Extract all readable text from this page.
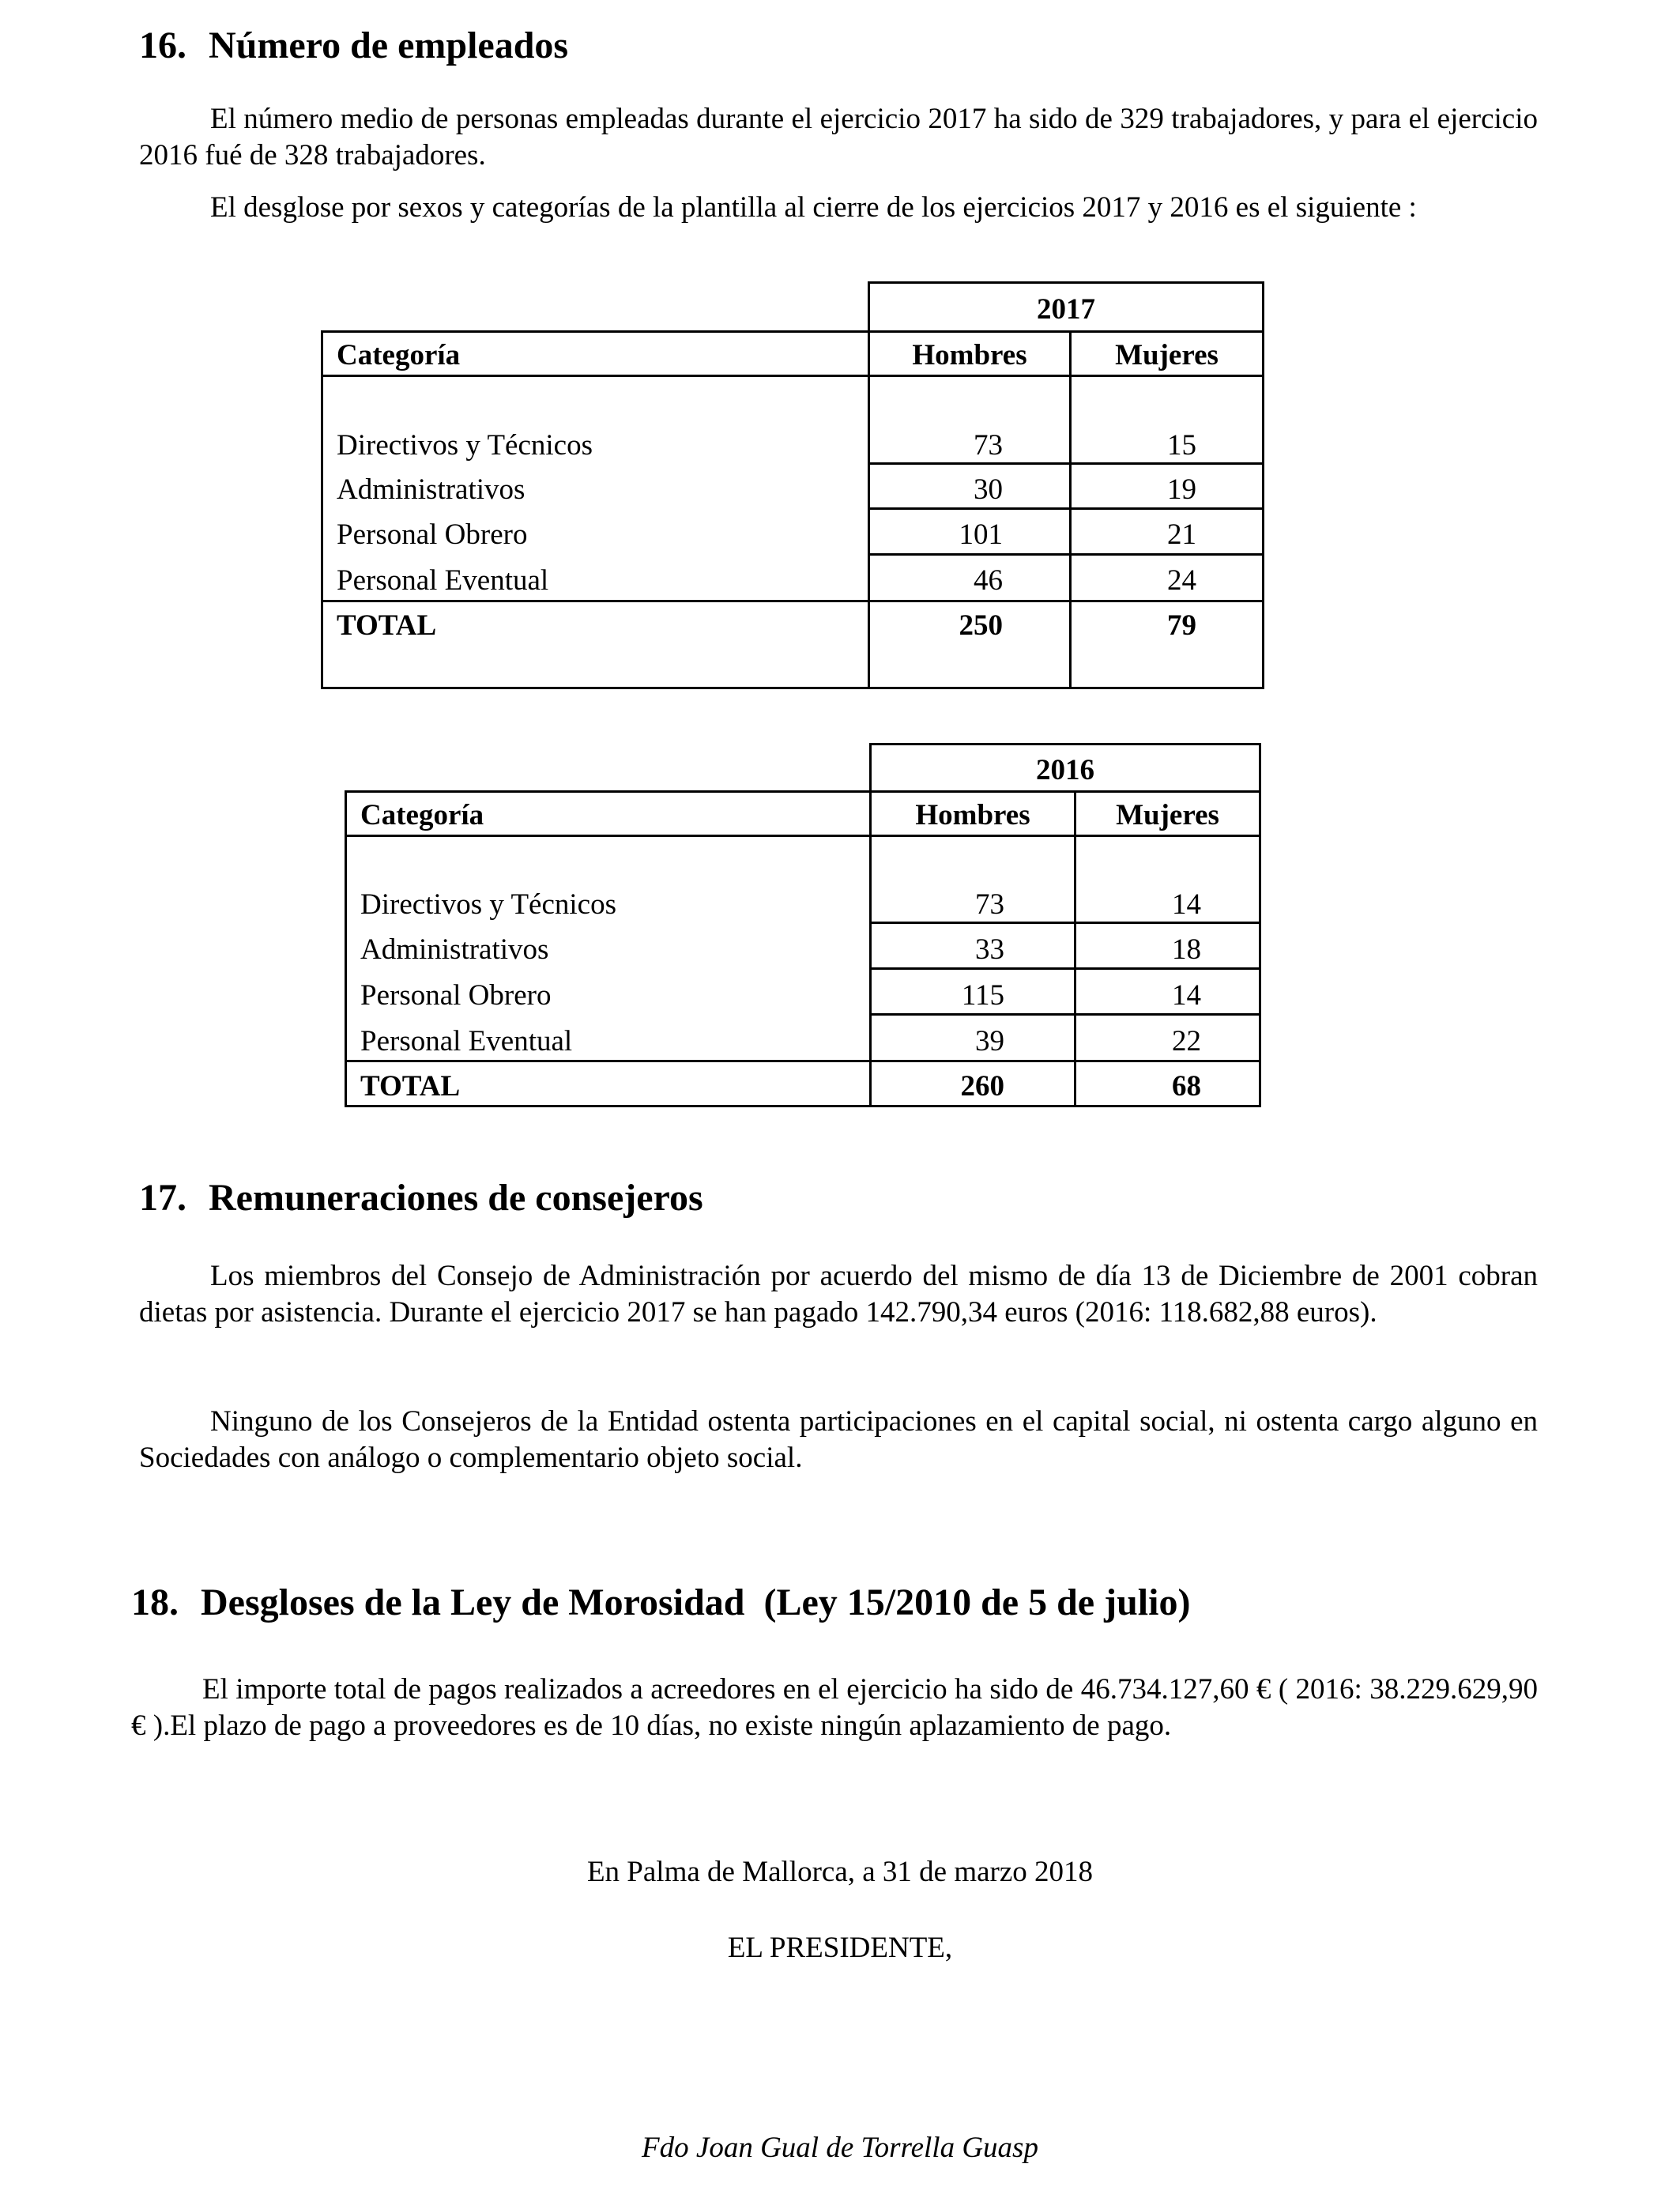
16. Número de empleados
El número medio de personas empleadas durante el ejercicio 2017 ha sido de 329 trabajadores, y para el ejercicio 2016 fué de 328 trabajadores.
El desglose por sexos y categorías de la plantilla al cierre de los ejercicios 2017 y 2016 es el siguiente :
2017
Categoría	Hombres	Mujeres
Directivos y Técnicos	73	15
Administrativos	30	19
Personal Obrero	101	21
Personal Eventual	46	24
TOTAL	250	79
2016
Categoría	Hombres	Mujeres
Directivos y Técnicos	73	14
Administrativos	33	18
Personal Obrero	115	14
Personal Eventual	39	22
TOTAL	260	68
17. Remuneraciones de consejeros
Los miembros del Consejo de Administración por acuerdo del mismo de día 13 de Diciembre de 2001 cobran dietas por asistencia. Durante el ejercicio 2017 se han pagado 142.790,34 euros (2016: 118.682,88 euros).
Ninguno de los Consejeros de la Entidad ostenta participaciones en el capital social, ni ostenta cargo alguno en Sociedades con análogo o complementario objeto social.
18. Desgloses de la Ley de Morosidad  (Ley 15/2010 de 5 de julio)
El importe total de pagos realizados a acreedores en el ejercicio ha sido de 46.734.127,60 € ( 2016: 38.229.629,90 € ).El plazo de pago a proveedores es de 10 días, no existe ningún aplazamiento de pago.
En Palma de Mallorca, a 31 de marzo 2018
EL PRESIDENTE,
Fdo Joan Gual de Torrella Guasp
